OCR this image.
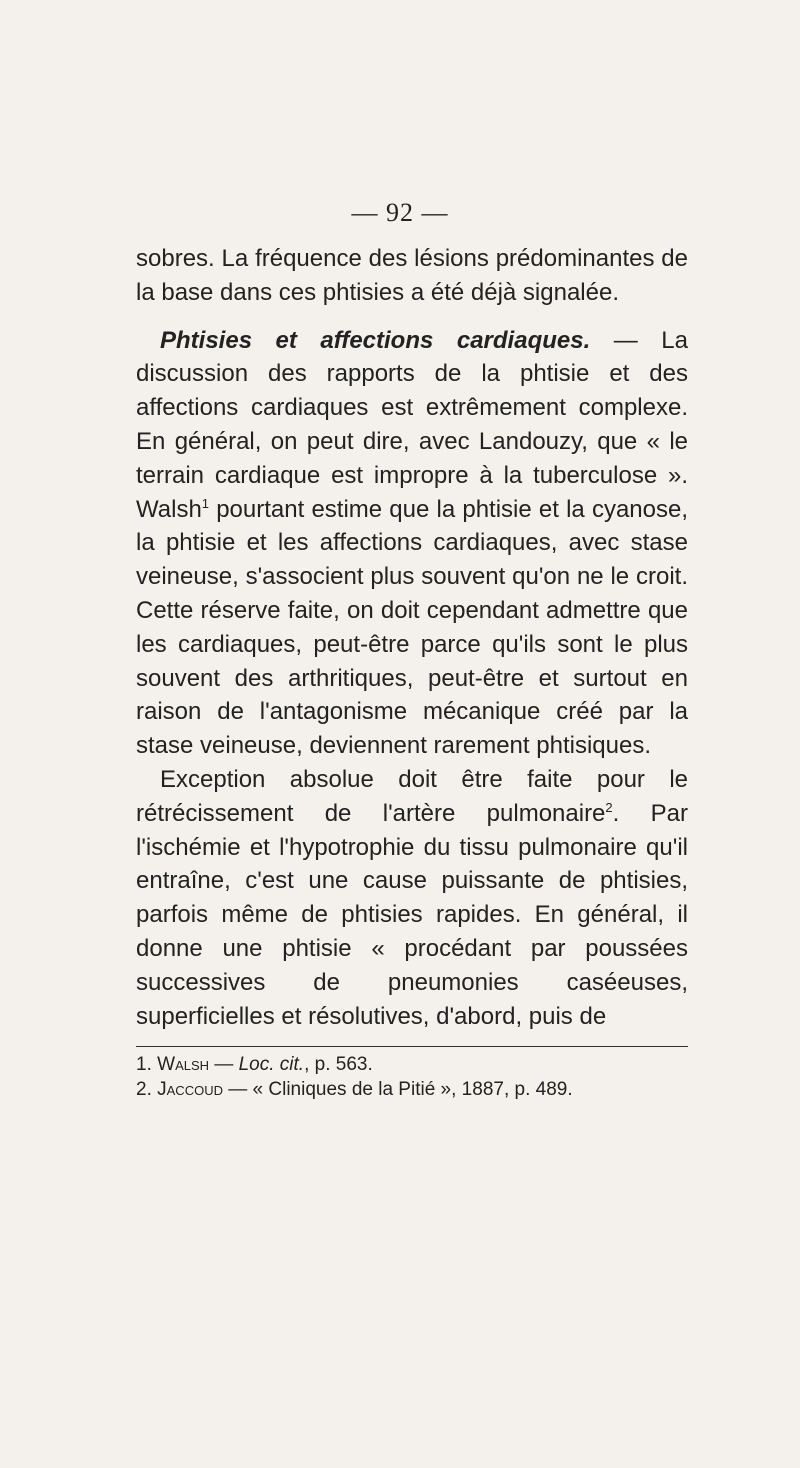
— 92 —

sobres. La fréquence des lésions prédominantes de la base dans ces phtisies a été déjà signalée.

Phtisies et affections cardiaques. — La discussion des rapports de la phtisie et des affections cardiaques est extrêmement complexe. En général, on peut dire, avec Landouzy, que « le terrain cardiaque est impropre à la tuberculose ». Walsh$^1$ pourtant estime que la phtisie et la cyanose, la phtisie et les affections cardiaques, avec stase veineuse, s'associent plus souvent qu'on ne le croit. Cette réserve faite, on doit cependant admettre que les cardiaques, peut-être parce qu'ils sont le plus souvent des arthritiques, peut-être et surtout en raison de l'antagonisme mécanique créé par la stase veineuse, deviennent rarement phtisiques.

Exception absolue doit être faite pour le rétrécissement de l'artère pulmonaire$^2$. Par l'ischémie et l'hypotrophie du tissu pulmonaire qu'il entraîne, c'est une cause puissante de phtisies, parfois même de phtisies rapides. En général, il donne une phtisie « procédant par poussées successives de pneumonies caséeuses, superficielles et résolutives, d'abord, puis de

1. Walsh — Loc. cit., p. 563.
2. Jaccoud — « Cliniques de la Pitié », 1887, p. 489.
